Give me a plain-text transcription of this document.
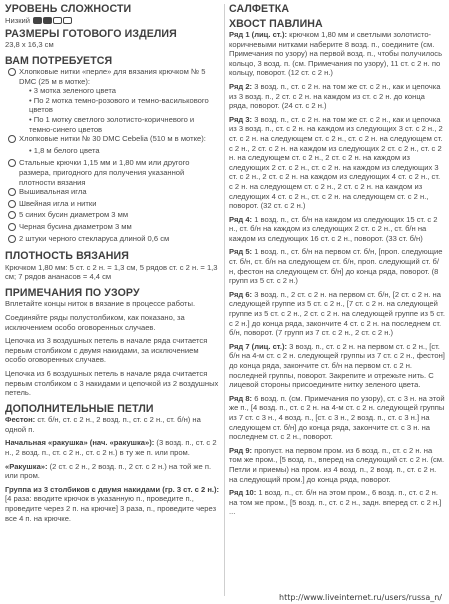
УРОВЕНЬ СЛОЖНОСТИ

Низкий

РАЗМЕРЫ ГОТОВОГО ИЗДЕЛИЯ

23,8 х 16,3 см

ВАМ ПОТРЕБУЕТСЯ

Хлопковые нитки «перле» для вязания крючком № 5 DMC (25 м в мотке):
• 3 мотка зеленого цвета
• По 2 мотка темно-розового и темно-василькового цветов
• По 1 мотку светлого золотисто-коричневого и темно-синего цветов
Хлопковые нитки № 30 DMC Cebelia (510 м в мотке):
• 1,8 м белого цвета
Стальные крючки 1,15 мм и 1,80 мм или другого размера, пригодного для получения указанной плотности вязания
Вышивальная игла
Швейная игла и нитки
5 синих бусин диаметром 3 мм
Черная бусина диаметром 3 мм
2 штуки черного стекларуса длиной 0,6 см

ПЛОТНОСТЬ ВЯЗАНИЯ

Крючком 1,80 мм: 5 ст. с 2 н. = 1,3 см, 5 рядов ст. с 2 н. = 1,3 см; 7 рядов ананасов = 4,4 см

ПРИМЕЧАНИЯ ПО УЗОРУ

Вплетайте концы ниток в вязание в процессе работы.

Соединяйте ряды полустолбиком, как показано, за исключением особо оговоренных случаев.

Цепочка из 3 воздушных петель в начале ряда считается первым столбиком с двумя накидами, за исключением особо оговоренных случаев.

Цепочка из 6 воздушных петель в начале ряда считается первым столбиком с 3 накидами и цепочкой из 2 воздушных петель.

ДОПОЛНИТЕЛЬНЫЕ ПЕТЛИ

Фестон: ст. б/н, ст. с 2 н., 2 возд. п., ст. с 2 н., ст. б/н) на одной п.

Начальная «ракушка» (нач. «ракушка»): (3 возд. п., ст. с 2 н., 2 возд. п., ст. с 2 н., ст. с 2 н.) в ту же п. или пром.

«Ракушка»: (2 ст. с 2 н., 2 возд. п., 2 ст. с 2 н.) на той же п. или пром.

Группа из 3 столбиков с двумя накидами (гр. 3 ст. с 2 н.): [4 раза: вводите крючок в указанную п., проведите п., проведите через 2 п. на крючке] 3 раза, п., проведите через все 4 п. на крючке.

САЛФЕТКА

ХВОСТ ПАВЛИНА

Ряд 1 (лиц. ст.): крючком 1,80 мм и светлыми золотисто-коричневыми нитками наберите 8 возд. п., соедините (см. Примечания по узору) на первой возд. п., чтобы получилось кольцо, 3 возд. п. (см. Примечания по узору), 11 ст. с 2 н. по кольцу, поворот. (12 ст. с 2 н.)

Ряд 2: 3 возд. п., ст. с 2 н. на том же ст. с 2 н., как и цепочка из 3 возд. п., 2 ст. с 2 н. на каждом из ст. с 2 н. до конца ряда, поворот. (24 ст. с 2 н.)

Ряд 3: 3 возд. п., ст. с 2 н. на том же ст. с 2 н., как и цепочка из 3 возд. п., ст. с 2 н. на каждом из следующих 3 ст. с 2 н., 2 ст. с 2 н. на следующем ст. с 2 н., ст. с 2 н. на следующем ст. с 2 н., 2 ст. с 2 н. на каждом из следующих 2 ст. с 2 н., ст. с 2 н. на следующем ст. с 2 н., 2 ст. с 2 н. на каждом из следующих 2 ст. с 2 н., ст. с 2 н. на каждом из следующих 3 ст. с 2 н., 2 ст. с 2 н. на каждом из следующих 4 ст. с 2 н., ст. с 2 н. на следующем ст. с 2 н., 2 ст. с 2 н. на каждом из следующих 4 ст. с 2 н., ст. с 2 н. на следующем ст. с 2 н., поворот. (32 ст. с 2 н.)

Ряд 4: 1 возд. п., ст. б/н на каждом из следующих 15 ст. с 2 н., ст. б/н на каждом из следующих 2 ст. с 2 н., ст. б/н на каждом из следующих 16 ст. с 2 н., поворот. (33 ст. б/н)

Ряд 5: 1 возд. п., ст. б/н на первом ст. б/н, [проп. следующие ст. б/н, ст. б/н на следующем ст. б/н, проп. следующий ст. б/н, фестон на следующем ст. б/н] до конца ряда, поворот. (8 групп из 5 ст. с 2 н.)

Ряд 6: 3 возд. п., 2 ст. с 2 н. на первом ст. б/н, [2 ст. с 2 н. на следующей группе из 5 ст. с 2 н., [7 ст. с 2 н. на следующей группе из 5 ст. с 2 н., 2 ст. с 2 н. на следующей группе из 5 ст. с 2 н.] до конца ряда, закончите 4 ст. с 2 н. на последнем ст. б/н, поворот. (7 групп из 7 ст. с 2 н., 2 ст. с 2 н.)

Ряд 7 (лиц. ст.): 3 возд. п., ст. с 2 н. на первом ст. с 2 н., [ст. б/н на 4-м ст. с 2 н. следующей группы из 7 ст. с 2 н., фестон] до конца ряда, закончите ст. б/н на первом ст. с 2 н. последней группы, поворот. Закрепите и отрежьте нить. С лицевой стороны присоедините нитку зеленого цвета.

Ряд 8: 6 возд. п. (см. Примечания по узору), ст. с 3 н. на этой же п., [4 возд. п., ст. с 2 н. на 4-м ст. с 2 н. следующей группы из 7 ст. с 3 н., 4 возд. п., [ст. с 3 н., 2 возд. п., ст. с 3 н.] на следующем ст. б/н] до конца ряда, закончите ст. с 3 н. на последнем ст. с 2 н., поворот.

Ряд 9: пропуст. на первом пром. из 6 возд. п., ст. с 2 н. на том же пром., [5 возд. п., вперед на следующий ст. с 2 н. (см. Петли и приемы) на пром. из 4 возд. п., 2 возд. п., ст. с 2 н. на следующий пром.] до конца ряда, поворот.

Ряд 10: 1 возд. п., ст. б/н на этом пром., 6 возд. п., ст. с 2 н. на том же пром., [5 возд. п., ст. с 2 н., задн. вперед ст. с 2 н.] ...

http://www.liveinternet.ru/users/russa_n/
